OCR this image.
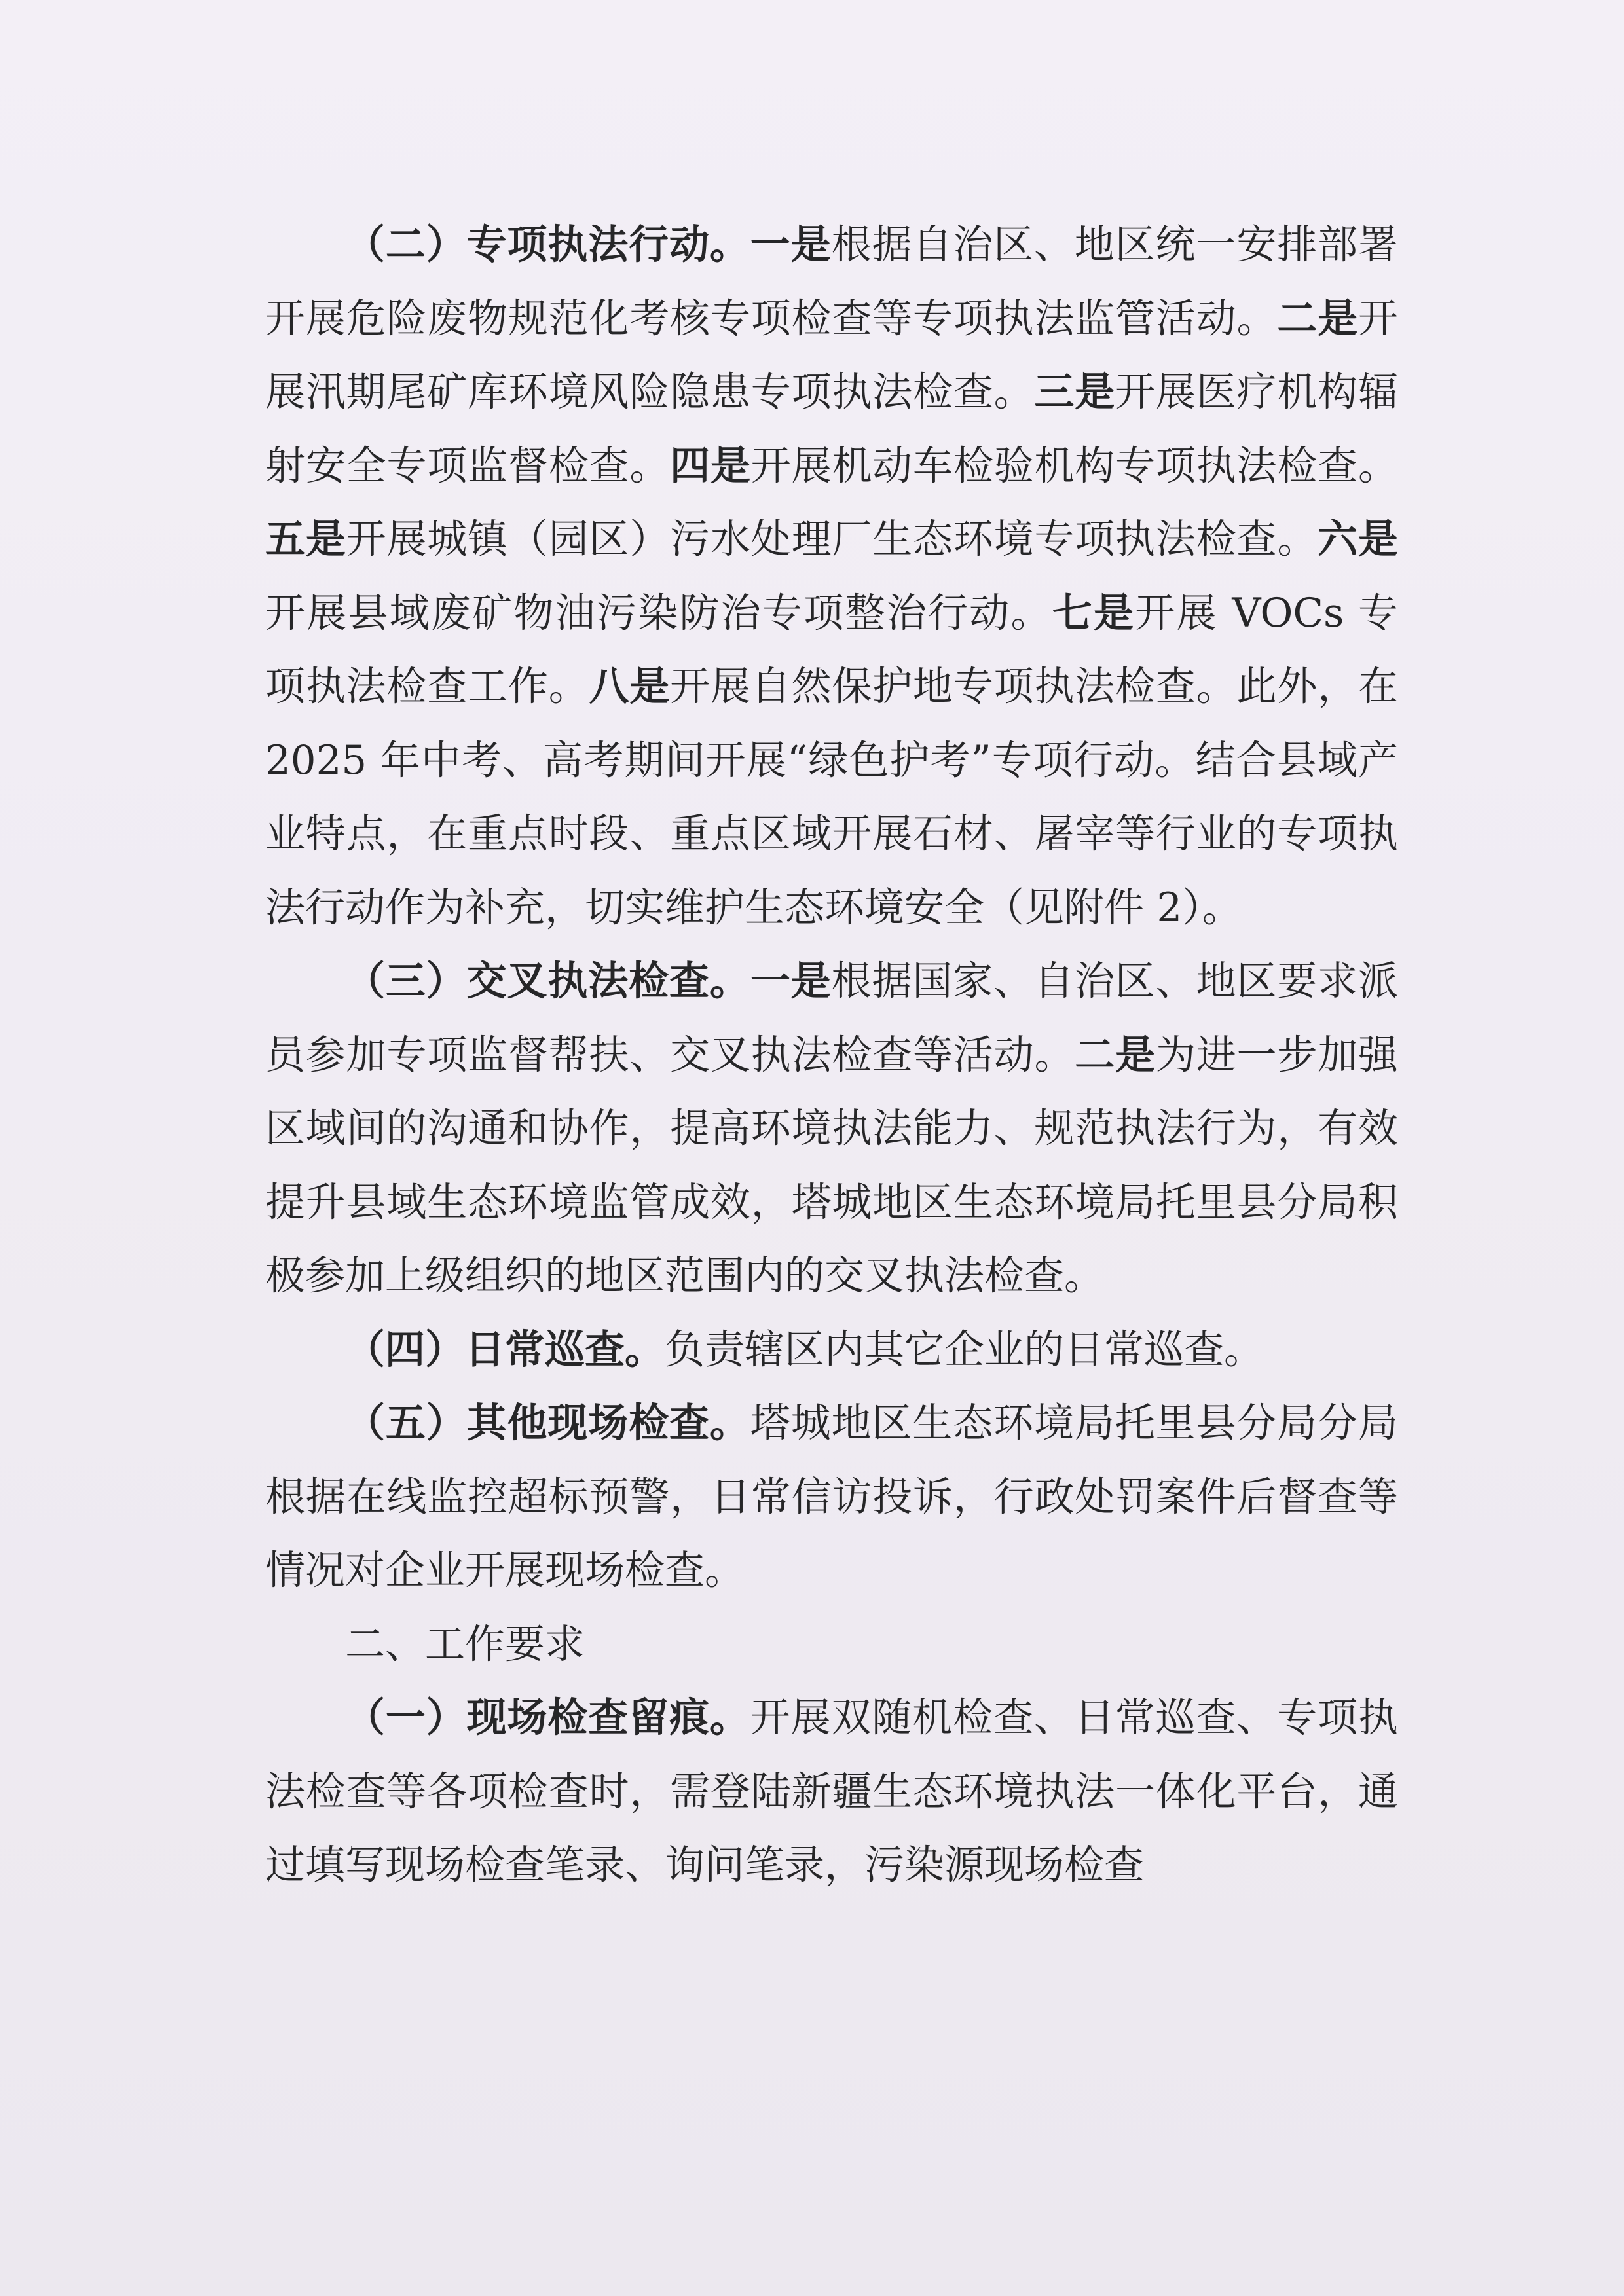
（二）专项执法行动。一是根据自治区、地区统一安排部署开展危险废物规范化考核专项检查等专项执法监管活动。二是开展汛期尾矿库环境风险隐患专项执法检查。三是开展医疗机构辐射安全专项监督检查。四是开展机动车检验机构专项执法检查。五是开展城镇（园区）污水处理厂生态环境专项执法检查。六是开展县域废矿物油污染防治专项整治行动。七是开展 VOCs 专项执法检查工作。八是开展自然保护地专项执法检查。此外，在 2025 年中考、高考期间开展“绿色护考”专项行动。结合县域产业特点，在重点时段、重点区域开展石材、屠宰等行业的专项执法行动作为补充，切实维护生态环境安全（见附件 2）。

（三）交叉执法检查。一是根据国家、自治区、地区要求派员参加专项监督帮扶、交叉执法检查等活动。二是为进一步加强区域间的沟通和协作，提高环境执法能力、规范执法行为，有效提升县域生态环境监管成效，塔城地区生态环境局托里县分局积极参加上级组织的地区范围内的交叉执法检查。

（四）日常巡查。负责辖区内其它企业的日常巡查。

（五）其他现场检查。塔城地区生态环境局托里县分局分局根据在线监控超标预警，日常信访投诉，行政处罚案件后督查等情况对企业开展现场检查。

二、工作要求

（一）现场检查留痕。开展双随机检查、日常巡查、专项执法检查等各项检查时，需登陆新疆生态环境执法一体化平台，通过填写现场检查笔录、询问笔录，污染源现场检查
